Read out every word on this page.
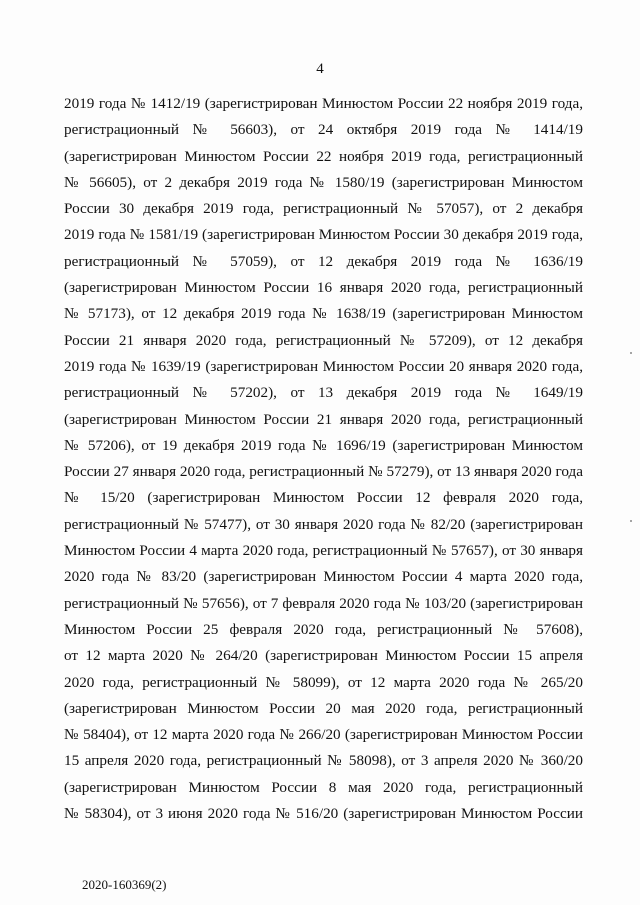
4
2019 года № 1412/19 (зарегистрирован Минюстом России 22 ноября 2019 года,
регистрационный № 56603), от 24 октября 2019 года № 1414/19
(зарегистрирован Минюстом России 22 ноября 2019 года, регистрационный
№ 56605), от 2 декабря 2019 года № 1580/19 (зарегистрирован Минюстом
России 30 декабря 2019 года, регистрационный № 57057), от 2 декабря
2019 года № 1581/19 (зарегистрирован Минюстом России 30 декабря 2019 года,
регистрационный № 57059), от 12 декабря 2019 года № 1636/19
(зарегистрирован Минюстом России 16 января 2020 года, регистрационный
№ 57173), от 12 декабря 2019 года № 1638/19 (зарегистрирован Минюстом
России 21 января 2020 года, регистрационный № 57209), от 12 декабря
2019 года № 1639/19 (зарегистрирован Минюстом России 20 января 2020 года,
регистрационный № 57202), от 13 декабря 2019 года № 1649/19
(зарегистрирован Минюстом России 21 января 2020 года, регистрационный
№ 57206), от 19 декабря 2019 года № 1696/19 (зарегистрирован Минюстом
России 27 января 2020 года, регистрационный № 57279), от 13 января 2020 года
№ 15/20 (зарегистрирован Минюстом России 12 февраля 2020 года,
регистрационный № 57477), от 30 января 2020 года № 82/20 (зарегистрирован
Минюстом России 4 марта 2020 года, регистрационный № 57657), от 30 января
2020 года № 83/20 (зарегистрирован Минюстом России 4 марта 2020 года,
регистрационный № 57656), от 7 февраля 2020 года № 103/20 (зарегистрирован
Минюстом России 25 февраля 2020 года, регистрационный № 57608),
от 12 марта 2020 № 264/20 (зарегистрирован Минюстом России 15 апреля
2020 года, регистрационный № 58099), от 12 марта 2020 года № 265/20
(зарегистрирован Минюстом России 20 мая 2020 года, регистрационный
№ 58404), от 12 марта 2020 года № 266/20 (зарегистрирован Минюстом России
15 апреля 2020 года, регистрационный № 58098), от 3 апреля 2020 № 360/20
(зарегистрирован Минюстом России 8 мая 2020 года, регистрационный
№ 58304), от 3 июня 2020 года № 516/20 (зарегистрирован Минюстом России
2020-160369(2)
